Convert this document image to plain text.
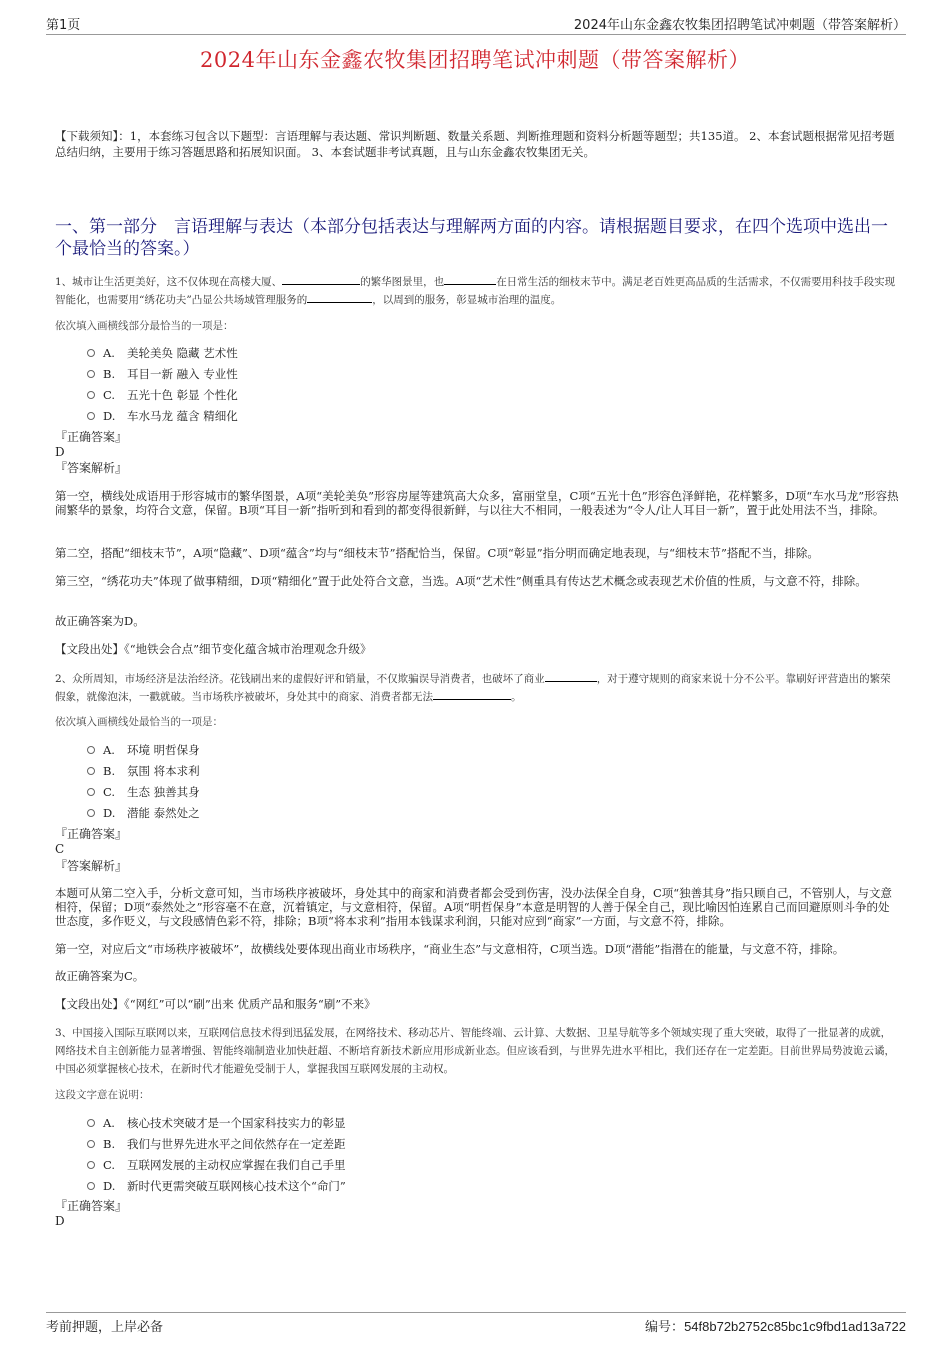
第1页	2024年山东金鑫农牧集团招聘笔试冲刺题（带答案解析）
2024年山东金鑫农牧集团招聘笔试冲刺题（带答案解析）
【下载须知】：1，本套练习包含以下题型：言语理解与表达题、常识判断题、数量关系题、判断推理题和资料分析题等题型；共135道。 2、本套试题根据常见招考题总结归纳，主要用于练习答题思路和拓展知识面。 3、本套试题非考试真题，且与山东金鑫农牧集团无关。
一、第一部分　言语理解与表达（本部分包括表达与理解两方面的内容。请根据题目要求，在四个选项中选出一个最恰当的答案。）
1、城市让生活更美好，这不仅体现在高楼大厦、	的繁华图景里，也	在日常生活的细枝末节中。满足老百姓更高品质的生活需求，不仅需要用科技手段实现智能化，也需要用“绣花功夫”凸显公共场域管理服务的	，以周到的服务，彰显城市治理的温度。
依次填入画横线部分最恰当的一项是：
A.	美轮美奂 隐藏 艺术性
B.	耳目一新 融入 专业性
C.	五光十色 彰显 个性化
D.	车水马龙 蕴含 精细化
『正确答案』
D
『答案解析』
第一空，横线处成语用于形容城市的繁华图景，A项“美轮美奂”形容房屋等建筑高大众多，富丽堂皇，C项“五光十色”形容色泽鲜艳，花样繁多，D项“车水马龙”形容热闹繁华的景象，均符合文意，保留。B项“耳目一新”指听到和看到的都变得很新鲜，与以往大不相同，一般表述为“令人/让人耳目一新”，置于此处用法不当，排除。
第二空，搭配“细枝末节”，A项“隐藏”、D项“蕴含”均与“细枝末节”搭配恰当，保留。C项“彰显”指分明而确定地表现，与“细枝末节”搭配不当，排除。
第三空，“绣花功夫”体现了做事精细，D项“精细化”置于此处符合文意，当选。A项“艺术性”侧重具有传达艺术概念或表现艺术价值的性质，与文意不符，排除。
故正确答案为D。
【文段出处】《“地铁会合点”细节变化蕴含城市治理观念升级》
2、众所周知，市场经济是法治经济。花钱刷出来的虚假好评和销量，不仅欺骗误导消费者，也破坏了商业	，对于遵守规则的商家来说十分不公平。靠刷好评营造出的繁荣假象，就像泡沫，一戳就破。当市场秩序被破坏，身处其中的商家、消费者都无法	。
依次填入画横线处最恰当的一项是：
A.	环境 明哲保身
B.	氛围 将本求利
C.	生态 独善其身
D.	潜能 泰然处之
『正确答案』
C
『答案解析』
本题可从第二空入手，分析文意可知，当市场秩序被破坏，身处其中的商家和消费者都会受到伤害，没办法保全自身，C项“独善其身”指只顾自己，不管别人，与文意相符，保留；D项“泰然处之”形容毫不在意，沉着镇定，与文意相符，保留。A项“明哲保身”本意是明智的人善于保全自己，现比喻因怕连累自己而回避原则斗争的处世态度，多作贬义，与文段感情色彩不符，排除；B项“将本求利”指用本钱谋求利润，只能对应到“商家”一方面，与文意不符，排除。
第一空，对应后文“市场秩序被破坏”，故横线处要体现出商业市场秩序，“商业生态”与文意相符，C项当选。D项“潜能”指潜在的能量，与文意不符，排除。
故正确答案为C。
【文段出处】《“网红”可以“刷”出来 优质产品和服务“刷”不来》
3、中国接入国际互联网以来，互联网信息技术得到迅猛发展，在网络技术、移动芯片、智能终端、云计算、大数据、卫星导航等多个领域实现了重大突破，取得了一批显著的成就，网络技术自主创新能力显著增强、智能终端制造业加快赶超、不断培育新技术新应用形成新业态。但应该看到，与世界先进水平相比，我们还存在一定差距。目前世界局势波诡云谲，中国必须掌握核心技术，在新时代才能避免受制于人，掌握我国互联网发展的主动权。
这段文字意在说明：
A.	核心技术突破才是一个国家科技实力的彰显
B.	我们与世界先进水平之间依然存在一定差距
C.	互联网发展的主动权应掌握在我们自己手里
D.	新时代更需突破互联网核心技术这个“命门”
『正确答案』
D
考前押题，上岸必备	编号：54f8b72b2752c85bc1c9fbd1ad13a722
